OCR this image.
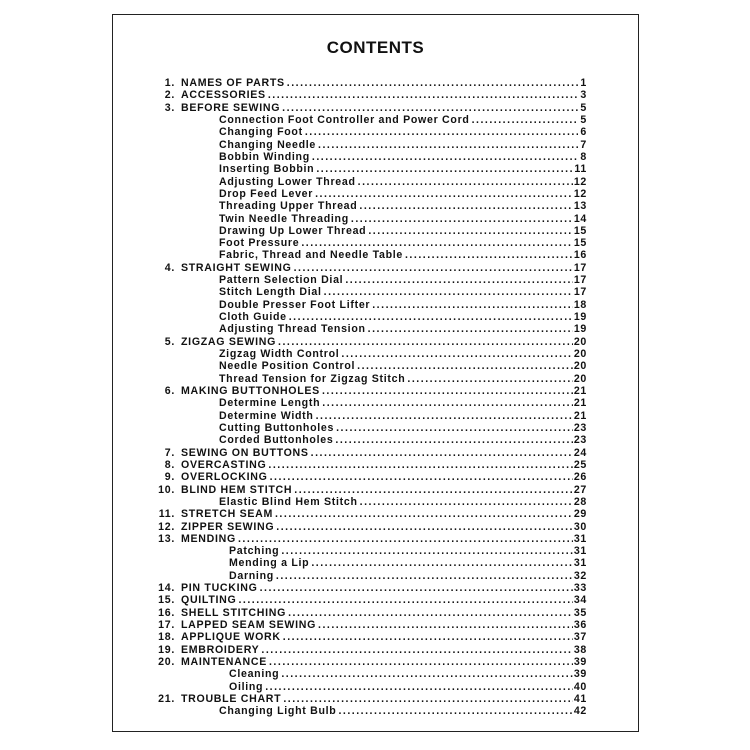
CONTENTS
1. NAMES OF PARTS .....	1
2. ACCESSORIES .....	3
3. BEFORE SEWING .....	5
Connection Foot Controller and Power Cord .....	5
Changing Foot .....	6
Changing Needle .....	7
Bobbin Winding .....	8
Inserting Bobbin .....	11
Adjusting Lower Thread .....	12
Drop Feed Lever .....	12
Threading Upper Thread .....	13
Twin Needle Threading .....	14
Drawing Up Lower Thread .....	15
Foot Pressure .....	15
Fabric, Thread and Needle Table .....	16
4. STRAIGHT SEWING .....	17
Pattern Selection Dial .....	17
Stitch Length Dial .....	17
Double Presser Foot Lifter .....	18
Cloth Guide .....	19
Adjusting Thread Tension .....	19
5. ZIGZAG SEWING .....	20
Zigzag Width Control .....	20
Needle Position Control .....	20
Thread Tension for Zigzag Stitch .....	20
6. MAKING BUTTONHOLES .....	21
Determine Length .....	21
Determine Width .....	21
Cutting Buttonholes .....	23
Corded Buttonholes .....	23
7. SEWING ON BUTTONS .....	24
8. OVERCASTING .....	25
9. OVERLOCKING .....	26
10. BLIND HEM STITCH .....	27
Elastic Blind Hem Stitch .....	28
11. STRETCH SEAM .....	29
12. ZIPPER SEWING .....	30
13. MENDING .....	31
Patching .....	31
Mending a Lip .....	31
Darning .....	32
14. PIN TUCKING .....	33
15. QUILTING .....	34
16. SHELL STITCHING .....	35
17. LAPPED SEAM SEWING .....	36
18. APPLIQUE WORK .....	37
19. EMBROIDERY .....	38
20. MAINTENANCE .....	39
Cleaning .....	39
Oiling .....	40
21. TROUBLE CHART .....	41
Changing Light Bulb .....	42
